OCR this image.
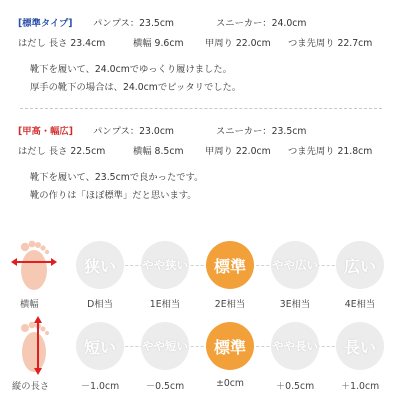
[標準タイプ] パンプス：23.5cm	スニーカー：24.0cm
はだし 長さ 23.4cm	横幅 9.6cm 甲周り 22.0cm つま先周り 22.7cm
靴下を履いて、24.0cmでゆっくり履けました。
厚手の靴下の場合は、24.0cmでピッタリでした。
[甲高・幅広] パンプス：23.0cm	スニーカー：23.5cm
はだし 長さ 22.5cm	横幅 8.5cm 甲周り 22.0cm つま先周り 21.8cm
靴下を履いて、23.5cmで良かったです。
靴の作りは「ほぼ標準」だと思います。
横幅
狭い	やや狭い	標準	やや広い	広い
D相当	1E相当	2E相当	3E相当	4E相当
縦の長さ
短い	やや短い	標準	やや長い	長い
－1.0cm	－0.5cm	±0cm	＋0.5cm	＋1.0cm
